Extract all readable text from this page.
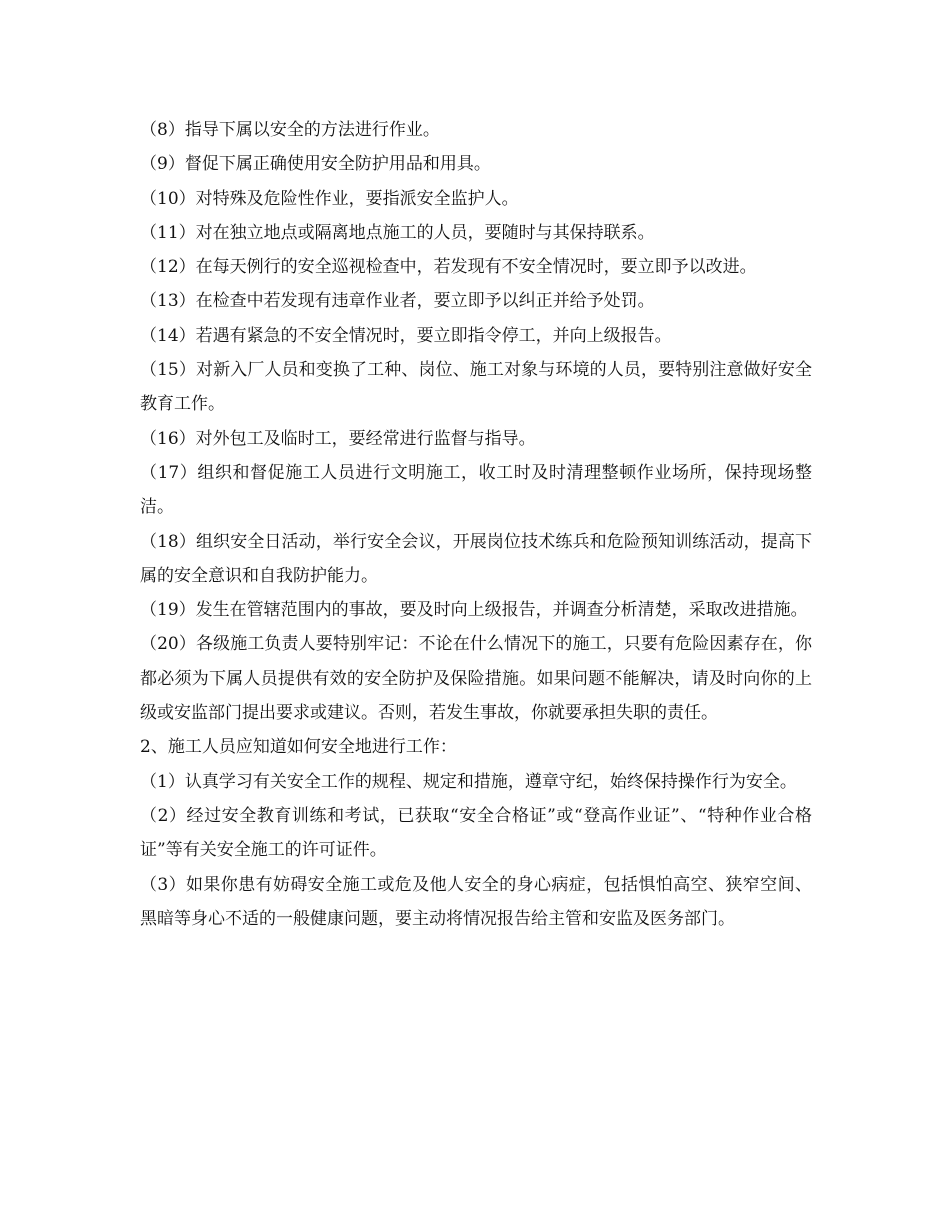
（8）指导下属以安全的方法进行作业。

（9）督促下属正确使用安全防护用品和用具。

（10）对特殊及危险性作业，要指派安全监护人。

（11）对在独立地点或隔离地点施工的人员，要随时与其保持联系。

（12）在每天例行的安全巡视检查中，若发现有不安全情况时，要立即予以改进。

（13）在检查中若发现有违章作业者，要立即予以纠正并给予处罚。

（14）若遇有紧急的不安全情况时，要立即指令停工，并向上级报告。

（15）对新入厂人员和变换了工种、岗位、施工对象与环境的人员，要特别注意做好安全教育工作。

（16）对外包工及临时工，要经常进行监督与指导。

（17）组织和督促施工人员进行文明施工，收工时及时清理整顿作业场所，保持现场整洁。

（18）组织安全日活动，举行安全会议，开展岗位技术练兵和危险预知训练活动，提高下属的安全意识和自我防护能力。

（19）发生在管辖范围内的事故，要及时向上级报告，并调查分析清楚，采取改进措施。

（20）各级施工负责人要特别牢记：不论在什么情况下的施工，只要有危险因素存在，你都必须为下属人员提供有效的安全防护及保险措施。如果问题不能解决，请及时向你的上级或安监部门提出要求或建议。否则，若发生事故，你就要承担失职的责任。

2、施工人员应知道如何安全地进行工作：

（1）认真学习有关安全工作的规程、规定和措施，遵章守纪，始终保持操作行为安全。

（2）经过安全教育训练和考试，已获取“安全合格证”或“登高作业证”、“特种作业合格证”等有关安全施工的许可证件。

（3）如果你患有妨碍安全施工或危及他人安全的身心病症，包括惧怕高空、狭窄空间、黑暗等身心不适的一般健康问题，要主动将情况报告给主管和安监及医务部门。
